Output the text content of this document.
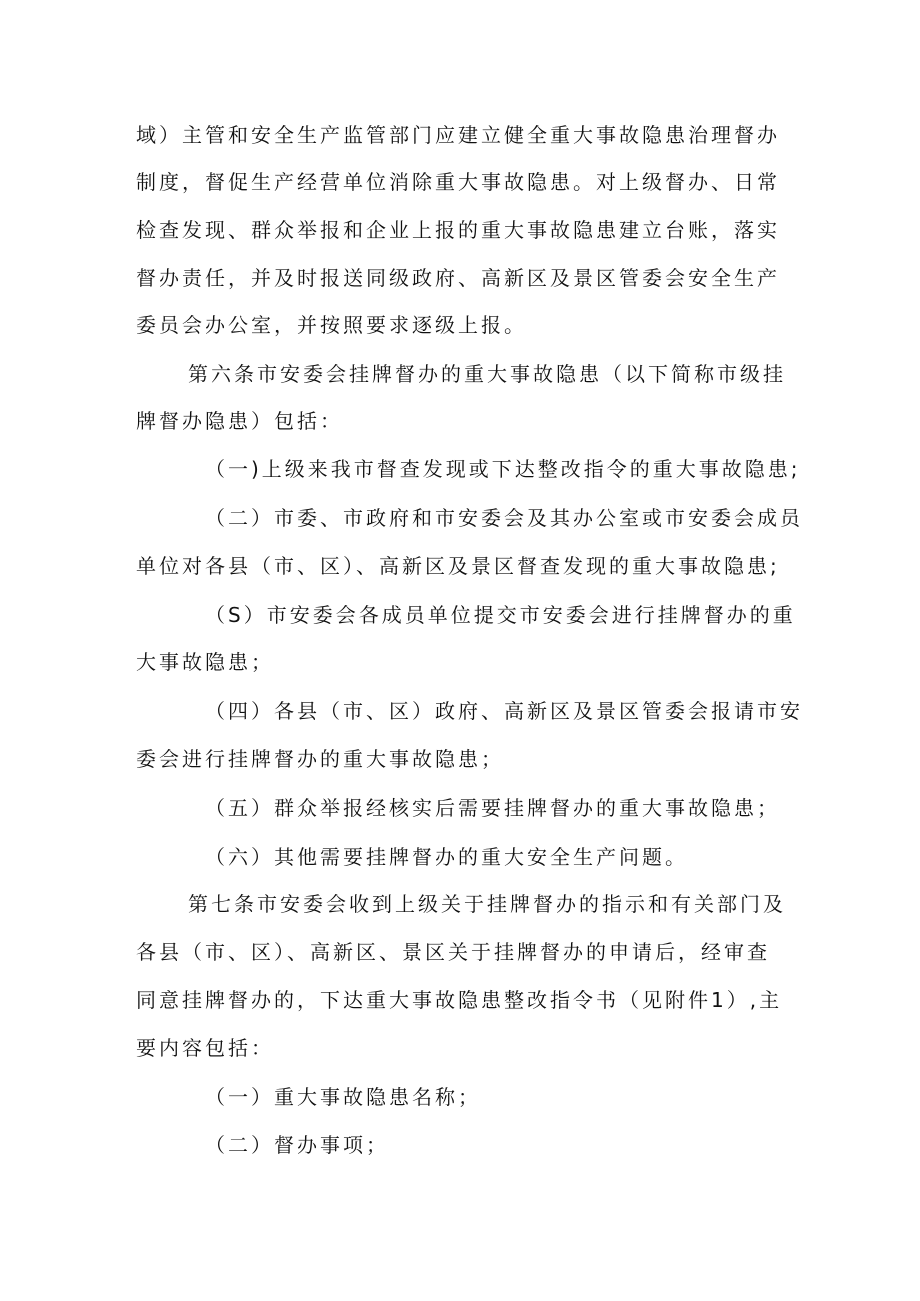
域）主管和安全生产监管部门应建立健全重大事故隐患治理督办
制度，督促生产经营单位消除重大事故隐患。对上级督办、日常
检查发现、群众举报和企业上报的重大事故隐患建立台账，落实
督办责任，并及时报送同级政府、高新区及景区管委会安全生产
委员会办公室，并按照要求逐级上报。
第六条市安委会挂牌督办的重大事故隐患（以下简称市级挂
牌督办隐患）包括：
（一)上级来我市督查发现或下达整改指令的重大事故隐患;
（二）市委、市政府和市安委会及其办公室或市安委会成员
单位对各县（市、区）、高新区及景区督查发现的重大事故隐患;
（S）市安委会各成员单位提交市安委会进行挂牌督办的重
大事故隐患；
（四）各县（市、区）政府、高新区及景区管委会报请市安
委会进行挂牌督办的重大事故隐患；
（五）群众举报经核实后需要挂牌督办的重大事故隐患；
（六）其他需要挂牌督办的重大安全生产问题。
第七条市安委会收到上级关于挂牌督办的指示和有关部门及
各县（市、区）、高新区、景区关于挂牌督办的申请后，经审查
同意挂牌督办的，下达重大事故隐患整改指令书（见附件1）,主
要内容包括：
（一）重大事故隐患名称；
（二）督办事项；
